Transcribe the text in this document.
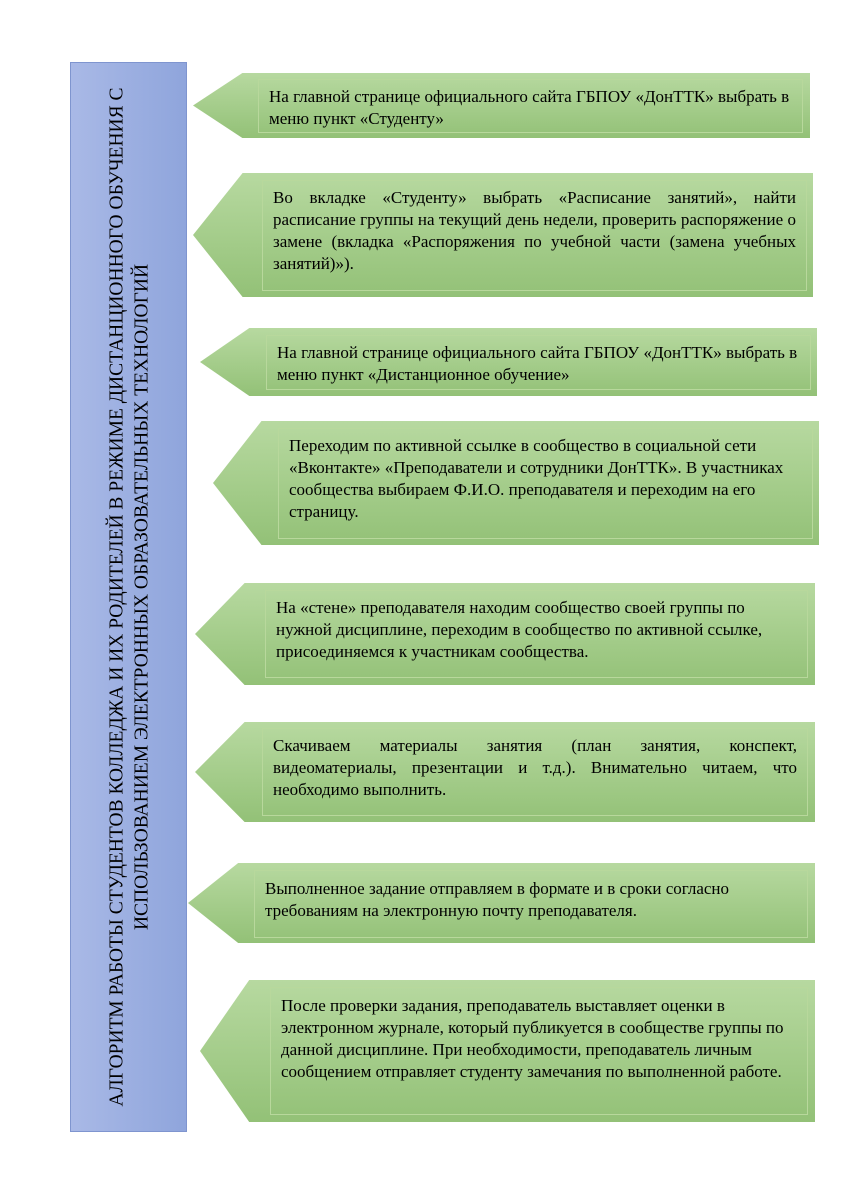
АЛГОРИТМ РАБОТЫ СТУДЕНТОВ КОЛЛЕДЖА И ИХ РОДИТЕЛЕЙ В РЕЖИМЕ ДИСТАНЦИОННОГО ОБУЧЕНИЯ С ИСПОЛЬЗОВАНИЕМ ЭЛЕКТРОННЫХ ОБРАЗОВАТЕЛЬНЫХ ТЕХНОЛОГИЙ
На главной странице официального сайта ГБПОУ «ДонТТК» выбрать в меню пункт «Студенту»
Во вкладке «Студенту» выбрать «Расписание занятий», найти расписание группы на текущий день недели, проверить распоряжение о замене (вкладка «Распоряжения по учебной части (замена учебных занятий)»).
На главной странице официального сайта ГБПОУ «ДонТТК» выбрать в меню пункт «Дистанционное обучение»
Переходим по активной ссылке в сообщество в социальной сети «Вконтакте» «Преподаватели и сотрудники ДонТТК». В участниках сообщества выбираем Ф.И.О. преподавателя и переходим на его страницу.
На «стене» преподавателя находим сообщество своей группы по нужной дисциплине, переходим в сообщество по активной ссылке, присоединяемся к участникам сообщества.
Скачиваем материалы занятия (план занятия, конспект, видеоматериалы, презентации и т.д.). Внимательно читаем, что необходимо выполнить.
Выполненное задание отправляем в формате и в сроки согласно требованиям на электронную почту преподавателя.
После проверки задания, преподаватель выставляет оценки в электронном журнале, который публикуется в сообществе группы по данной дисциплине. При необходимости, преподаватель личным сообщением отправляет студенту замечания по выполненной работе.
